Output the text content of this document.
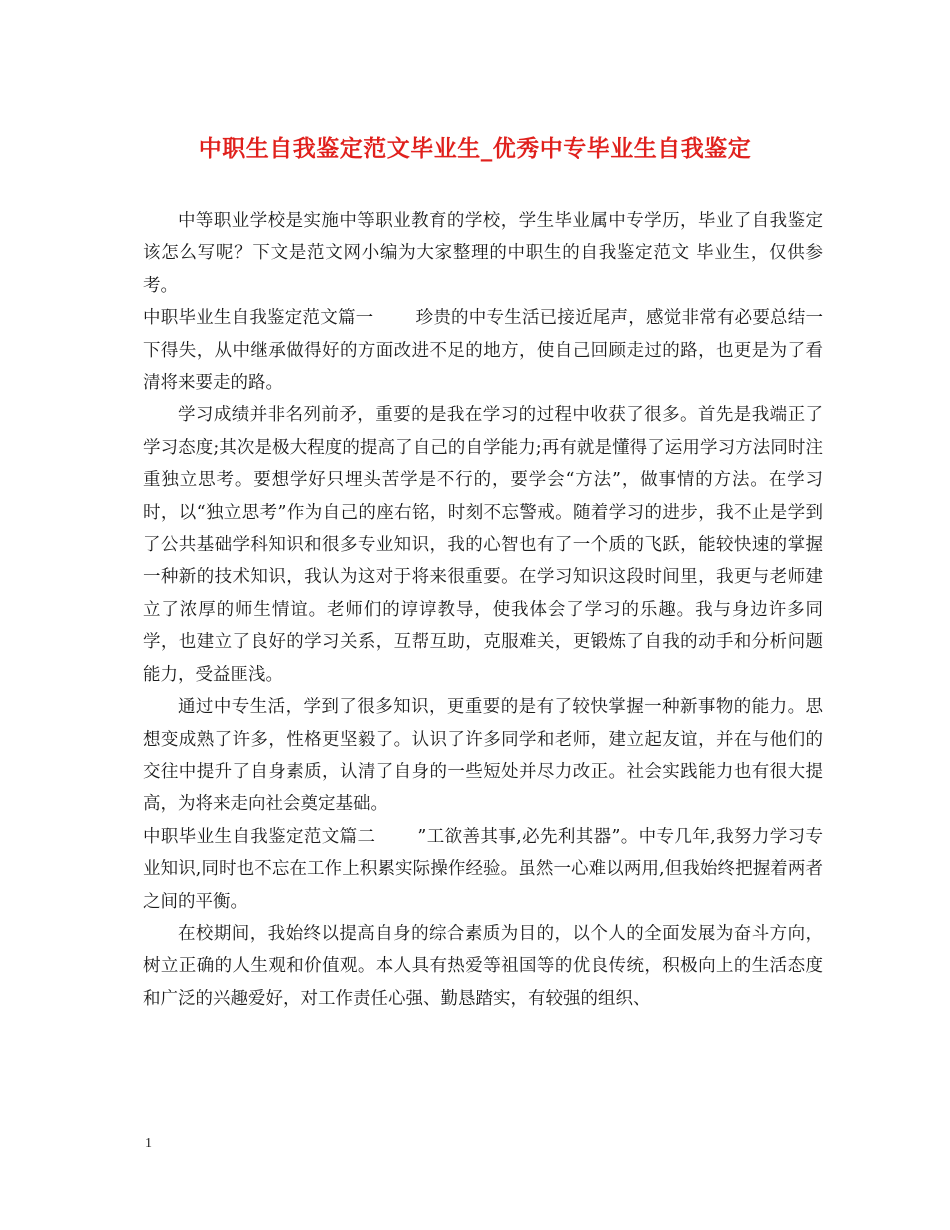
中职生自我鉴定范文毕业生_优秀中专毕业生自我鉴定

中等职业学校是实施中等职业教育的学校，学生毕业属中专学历，毕业了自我鉴定该怎么写呢？下文是范文网小编为大家整理的中职生的自我鉴定范文 毕业生，仅供参考。

中职毕业生自我鉴定范文篇一 珍贵的中专生活已接近尾声，感觉非常有必要总结一下得失，从中继承做得好的方面改进不足的地方，使自己回顾走过的路，也更是为了看清将来要走的路。

学习成绩并非名列前矛，重要的是我在学习的过程中收获了很多。首先是我端正了学习态度;其次是极大程度的提高了自己的自学能力;再有就是懂得了运用学习方法同时注重独立思考。要想学好只埋头苦学是不行的，要学会“方法”，做事情的方法。在学习时，以“独立思考”作为自己的座右铭，时刻不忘警戒。随着学习的进步，我不止是学到了公共基础学科知识和很多专业知识，我的心智也有了一个质的飞跃，能较快速的掌握一种新的技术知识，我认为这对于将来很重要。在学习知识这段时间里，我更与老师建立了浓厚的师生情谊。老师们的谆谆教导，使我体会了学习的乐趣。我与身边许多同学，也建立了良好的学习关系，互帮互助，克服难关，更锻炼了自我的动手和分析问题能力，受益匪浅。

通过中专生活，学到了很多知识，更重要的是有了较快掌握一种新事物的能力。思想变成熟了许多，性格更坚毅了。认识了许多同学和老师，建立起友谊，并在与他们的交往中提升了自身素质，认清了自身的一些短处并尽力改正。社会实践能力也有很大提高，为将来走向社会奠定基础。

中职毕业生自我鉴定范文篇二 ”工欲善其事,必先利其器”。中专几年,我努力学习专业知识,同时也不忘在工作上积累实际操作经验。虽然一心难以两用,但我始终把握着两者之间的平衡。

在校期间，我始终以提高自身的综合素质为目的，以个人的全面发展为奋斗方向，树立正确的人生观和价值观。本人具有热爱等祖国等的优良传统，积极向上的生活态度和广泛的兴趣爱好，对工作责任心强、勤恳踏实，有较强的组织、

1
